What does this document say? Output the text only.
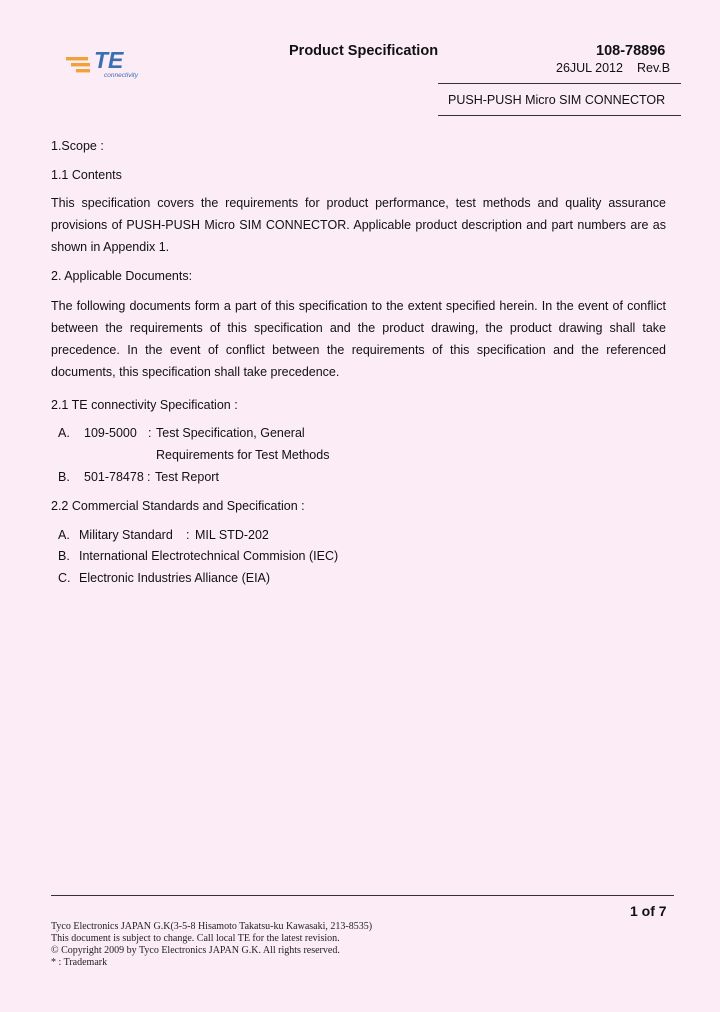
TE
connectivity
Product Specification	108-78896
26JUL 2012 Rev.B
PUSH-PUSH Micro SIM CONNECTOR
1.Scope :
1.1 Contents
This specification covers the requirements for product performance, test methods and quality assurance provisions of PUSH-PUSH Micro SIM CONNECTOR. Applicable product description and part numbers are as shown in Appendix 1.
2. Applicable Documents:
The following documents form a part of this specification to the extent specified herein. In the event of conflict between the requirements of this specification and the product drawing, the product drawing shall take precedence. In the event of conflict between the requirements of this specification and the referenced documents, this specification shall take precedence.
2.1 TE connectivity Specification :
A. 109-5000 : Test Specification, General
Requirements for Test Methods
B. 501-78478 : Test Report
2.2 Commercial Standards and Specification :
A. Military Standard : MIL STD-202
B. International Electrotechnical Commision (IEC)
C. Electronic Industries Alliance (EIA)
1 of 7
Tyco Electronics JAPAN G.K(3-5-8 Hisamoto Takatsu-ku Kawasaki, 213-8535)
This document is subject to change. Call local TE for the latest revision.
© Copyright 2009 by Tyco Electronics JAPAN G.K. All rights reserved.
* : Trademark
